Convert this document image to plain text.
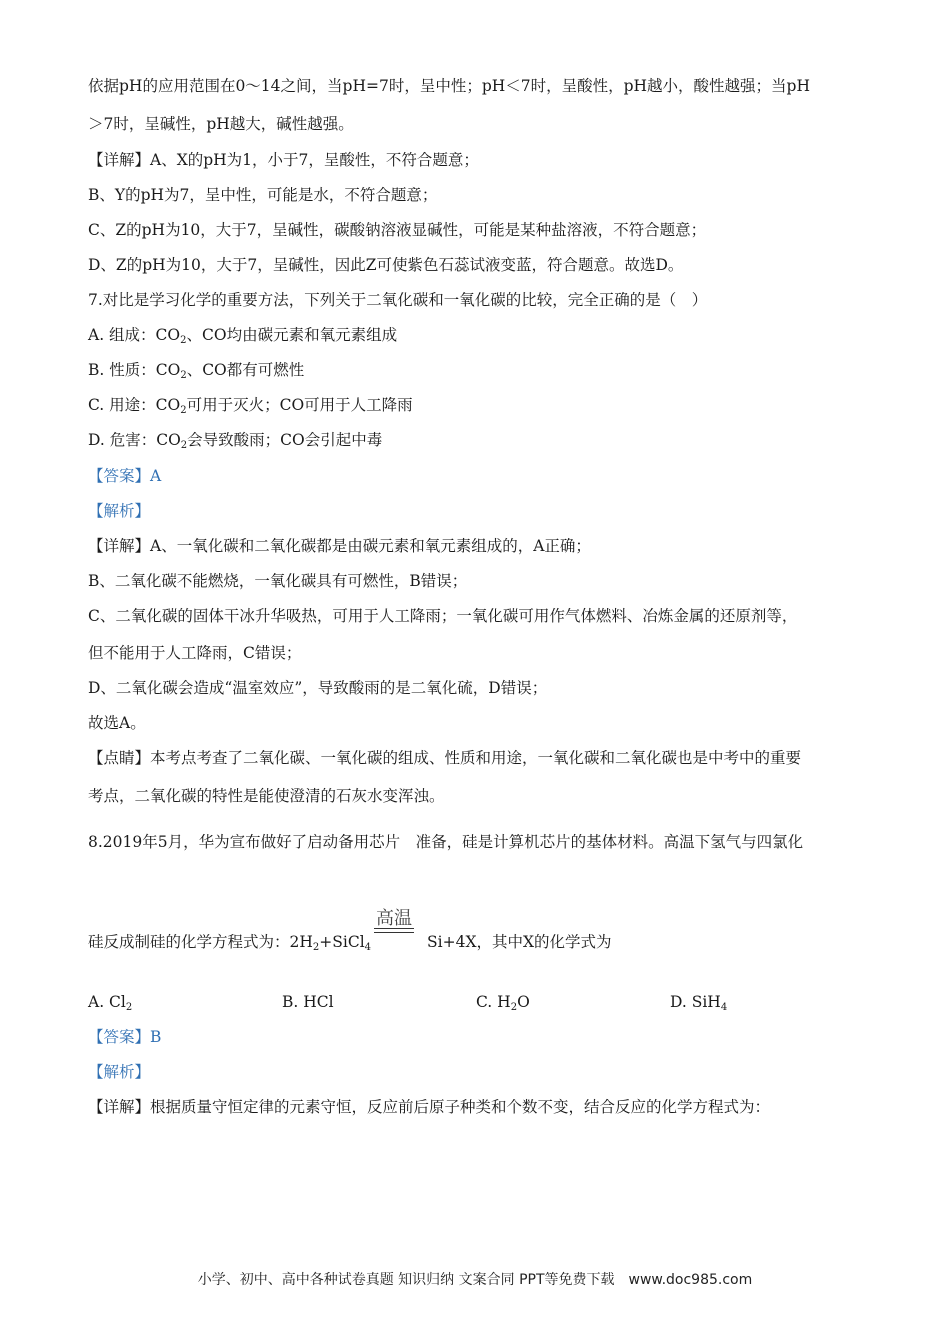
依据pH的应用范围在0～14之间，当pH=7时，呈中性；pH＜7时，呈酸性，pH越小，酸性越强；当pH
＞7时，呈碱性，pH越大，碱性越强。
【详解】A、X的pH为1，小于7，呈酸性，不符合题意；
B、Y的pH为7，呈中性，可能是水，不符合题意；
C、Z的pH为10，大于7，呈碱性，碳酸钠溶液显碱性，可能是某种盐溶液，不符合题意；
D、Z的pH为10，大于7，呈碱性，因此Z可使紫色石蕊试液变蓝，符合题意。故选D。
7.对比是学习化学的重要方法，下列关于二氧化碳和一氧化碳的比较，完全正确的是（　）
A. 组成：$CO_2$、CO均由碳元素和氧元素组成
B. 性质：$CO_2$、CO都有可燃性
C. 用途：$CO_2$可用于灭火；CO可用于人工降雨
D. 危害：$CO_2$会导致酸雨；CO会引起中毒
【答案】A
【解析】
【详解】A、一氧化碳和二氧化碳都是由碳元素和氧元素组成的，A正确；
B、二氧化碳不能燃烧，一氧化碳具有可燃性，B错误；
C、二氧化碳的固体干冰升华吸热，可用于人工降雨；一氧化碳可用作气体燃料、冶炼金属的还原剂等，
但不能用于人工降雨，C错误；
D、二氧化碳会造成“温室效应”，导致酸雨的是二氧化硫，D错误；
故选A。
【点睛】本考点考查了二氧化碳、一氧化碳的组成、性质和用途，一氧化碳和二氧化碳也是中考中的重要
考点，二氧化碳的特性是能使澄清的石灰水变浑浊。
8.2019年5月，华为宣布做好了启动备用芯片　准备，硅是计算机芯片的基体材料。高温下氢气与四氯化
高温
硅反成制硅的化学方程式为：$2H_2+SiCl_4$	Si+4X，其中X的化学式为
A. $Cl_2$	B. HCl	C. $H_2O$	D. SiH$_4$
【答案】B
【解析】
【详解】根据质量守恒定律的元素守恒，反应前后原子种类和个数不变，结合反应的化学方程式为：
小学、初中、高中各种试卷真题 知识归纳 文案合同 PPT等免费下载　www.doc985.com
